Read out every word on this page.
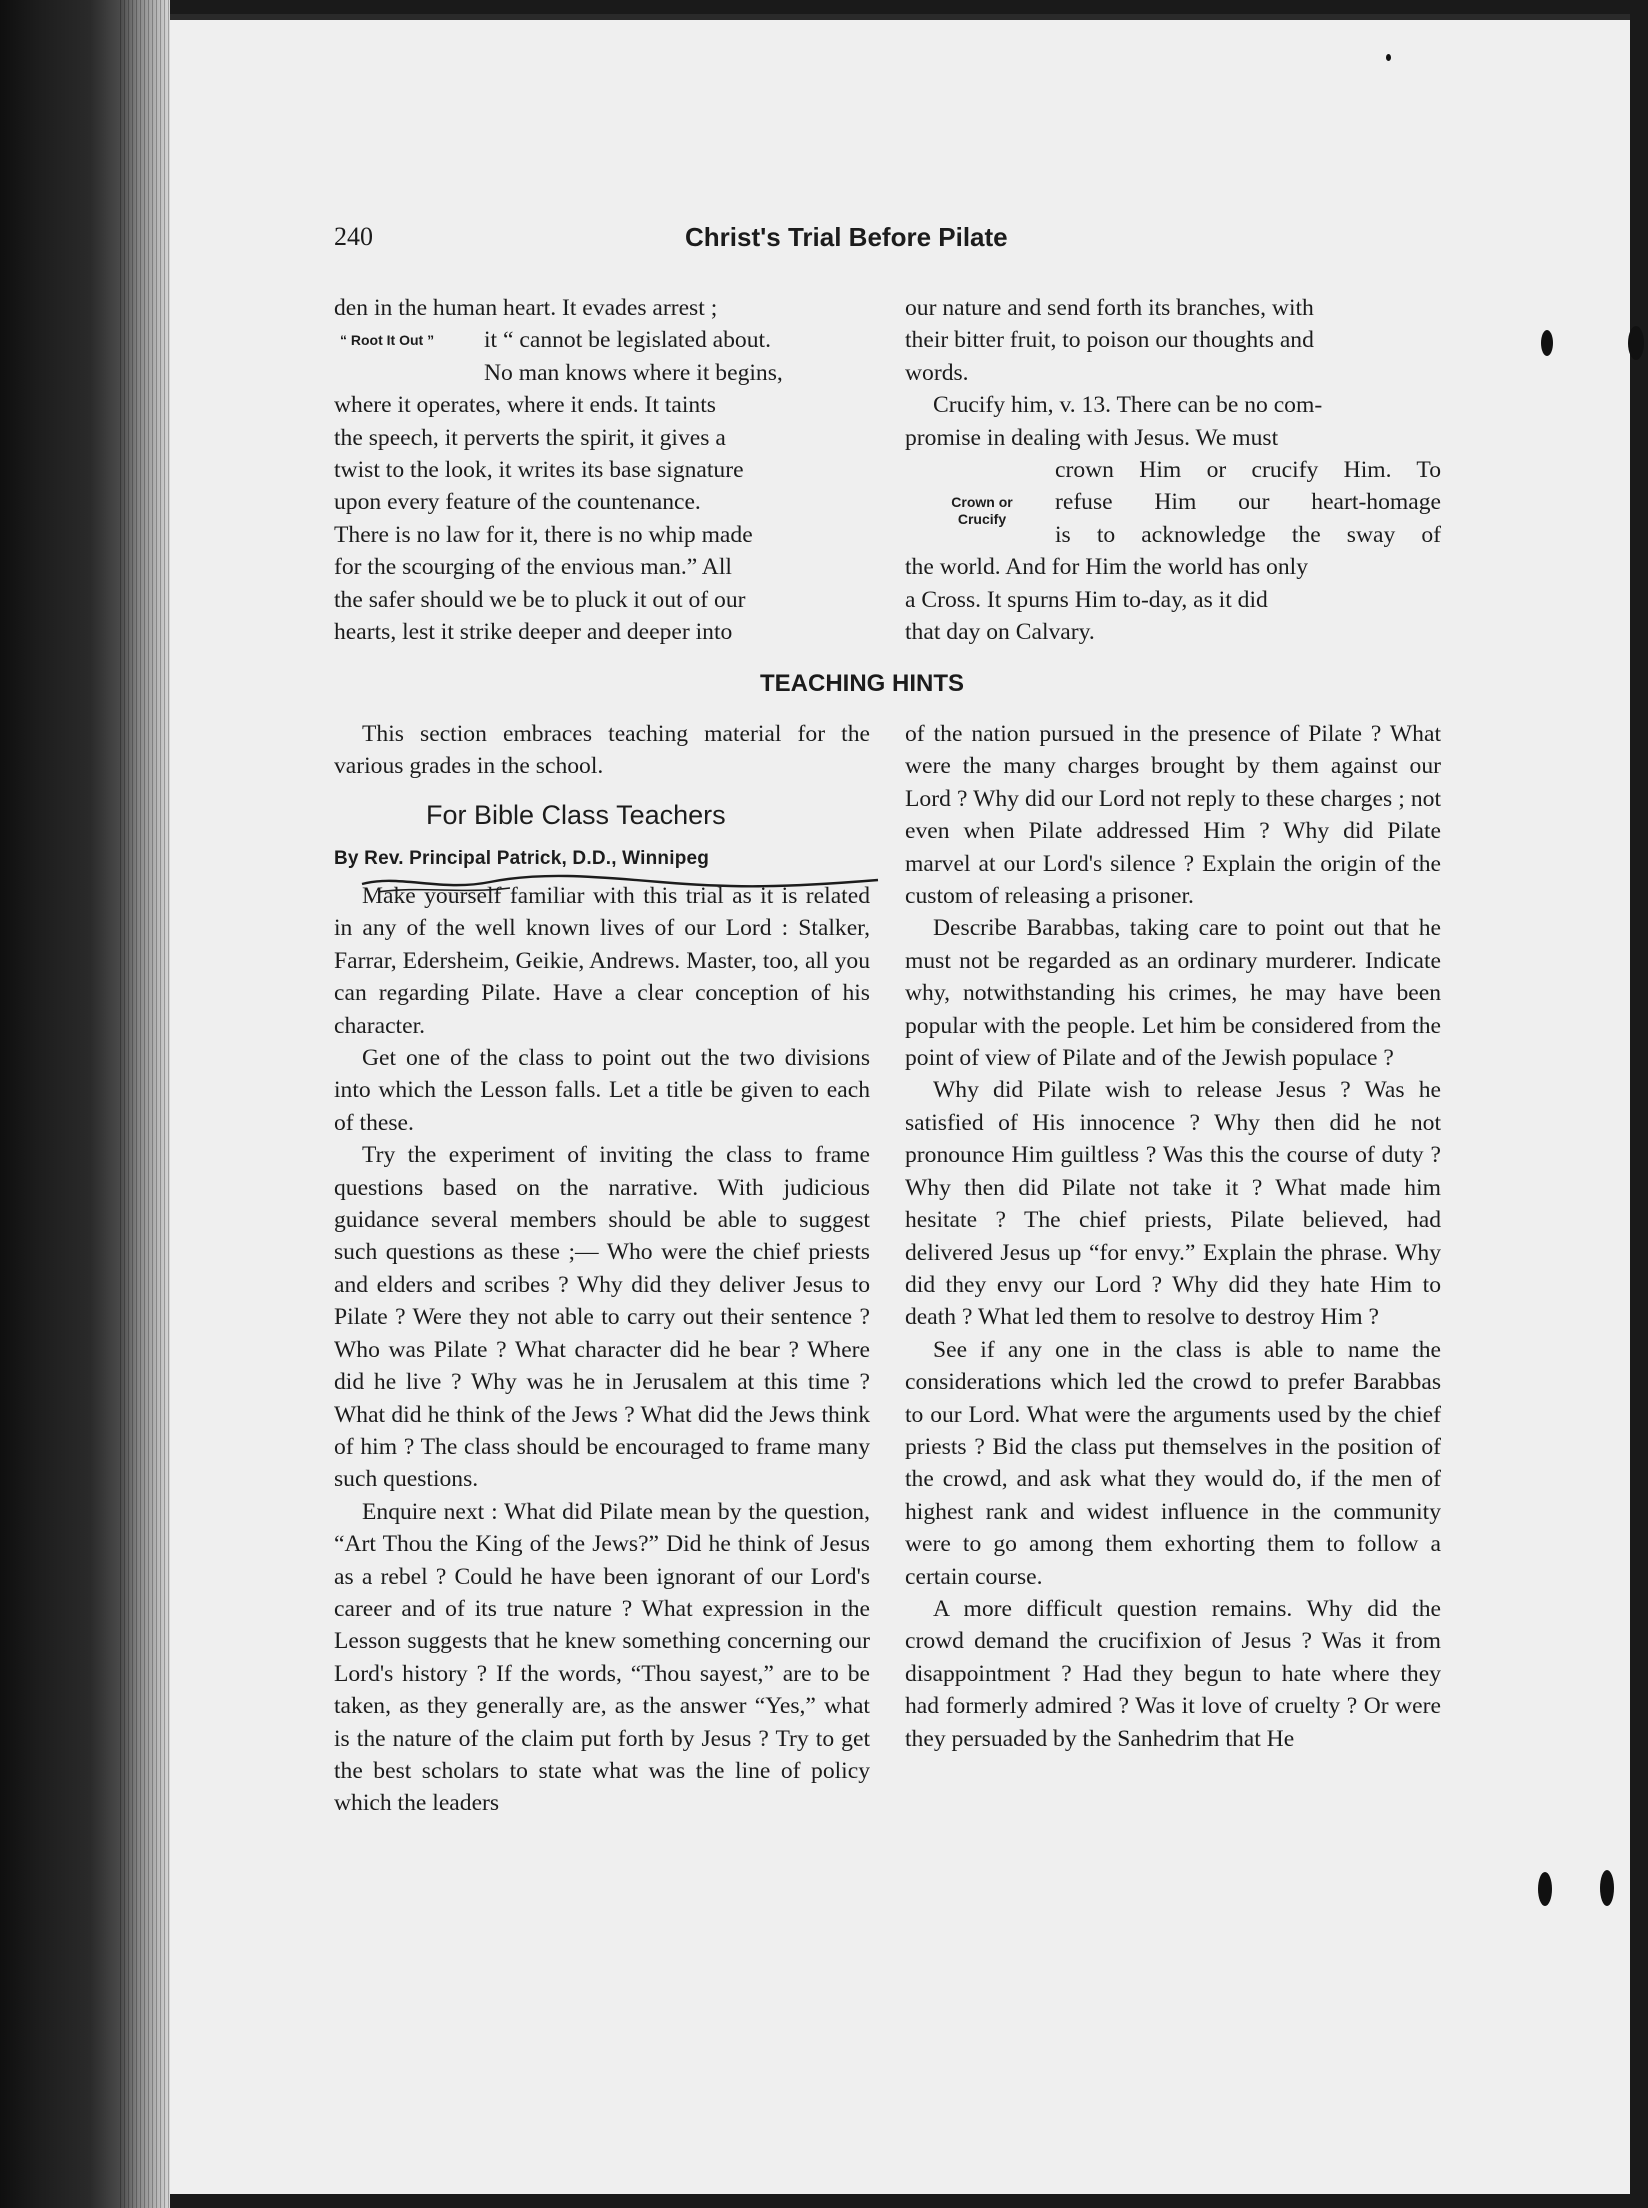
240	Christ's Trial Before Pilate
den in the human heart. It evades arrest ;
“ Root It Out ” it “ cannot be legislated about.
No man knows where it begins,
where it operates, where it ends. It taints
the speech, it perverts the spirit, it gives a
twist to the look, it writes its base signature
upon every feature of the countenance.
There is no law for it, there is no whip made
for the scourging of the envious man.” All
the safer should we be to pluck it out of our
hearts, lest it strike deeper and deeper into
our nature and send forth its branches, with
their bitter fruit, to poison our thoughts and
words.
Crucify him, v. 13. There can be no com-
promise in dealing with Jesus. We must
Crown or
Crucify
crown Him or crucify Him. To
refuse Him our heart-homage
is to acknowledge the sway of
the world. And for Him the world has only
a Cross. It spurns Him to-day, as it did
that day on Calvary.
TEACHING HINTS

This section embraces teaching material for the various grades in the school.

For Bible Class Teachers
By Rev. Principal Patrick, D.D., Winnipeg

Make yourself familiar with this trial as it is related in any of the well known lives of our Lord : Stalker, Farrar, Edersheim, Geikie, Andrews. Master, too, all you can regarding Pilate. Have a clear conception of his character.

Get one of the class to point out the two divisions into which the Lesson falls. Let a title be given to each of these.

Try the experiment of inviting the class to frame questions based on the narrative. With judicious guidance several members should be able to suggest such questions as these ;— Who were the chief priests and elders and scribes ? Why did they deliver Jesus to Pilate ? Were they not able to carry out their sentence ? Who was Pilate ? What character did he bear ? Where did he live ? Why was he in Jerusalem at this time ? What did he think of the Jews ? What did the Jews think of him ? The class should be encouraged to frame many such questions.

Enquire next : What did Pilate mean by the question, “Art Thou the King of the Jews?” Did he think of Jesus as a rebel ? Could he have been ignorant of our Lord's career and of its true nature ? What expression in the Lesson suggests that he knew something concerning our Lord's history ? If the words, “Thou sayest,” are to be taken, as they generally are, as the answer “Yes,” what is the nature of the claim put forth by Jesus ? Try to get the best scholars to state what was the line of policy which the leaders

of the nation pursued in the presence of Pilate ? What were the many charges brought by them against our Lord ? Why did our Lord not reply to these charges ; not even when Pilate addressed Him ? Why did Pilate marvel at our Lord's silence ? Explain the origin of the custom of releasing a prisoner.

Describe Barabbas, taking care to point out that he must not be regarded as an ordinary murderer. Indicate why, notwithstanding his crimes, he may have been popular with the people. Let him be considered from the point of view of Pilate and of the Jewish populace ?

Why did Pilate wish to release Jesus ? Was he satisfied of His innocence ? Why then did he not pronounce Him guiltless ? Was this the course of duty ? Why then did Pilate not take it ? What made him hesitate ? The chief priests, Pilate believed, had delivered Jesus up “for envy.” Explain the phrase. Why did they envy our Lord ? Why did they hate Him to death ? What led them to resolve to destroy Him ?

See if any one in the class is able to name the considerations which led the crowd to prefer Barabbas to our Lord. What were the arguments used by the chief priests ? Bid the class put themselves in the position of the crowd, and ask what they would do, if the men of highest rank and widest influence in the community were to go among them exhorting them to follow a certain course.

A more difficult question remains. Why did the crowd demand the crucifixion of Jesus ? Was it from disappointment ? Had they begun to hate where they had formerly admired ? Was it love of cruelty ? Or were they persuaded by the Sanhedrim that He
